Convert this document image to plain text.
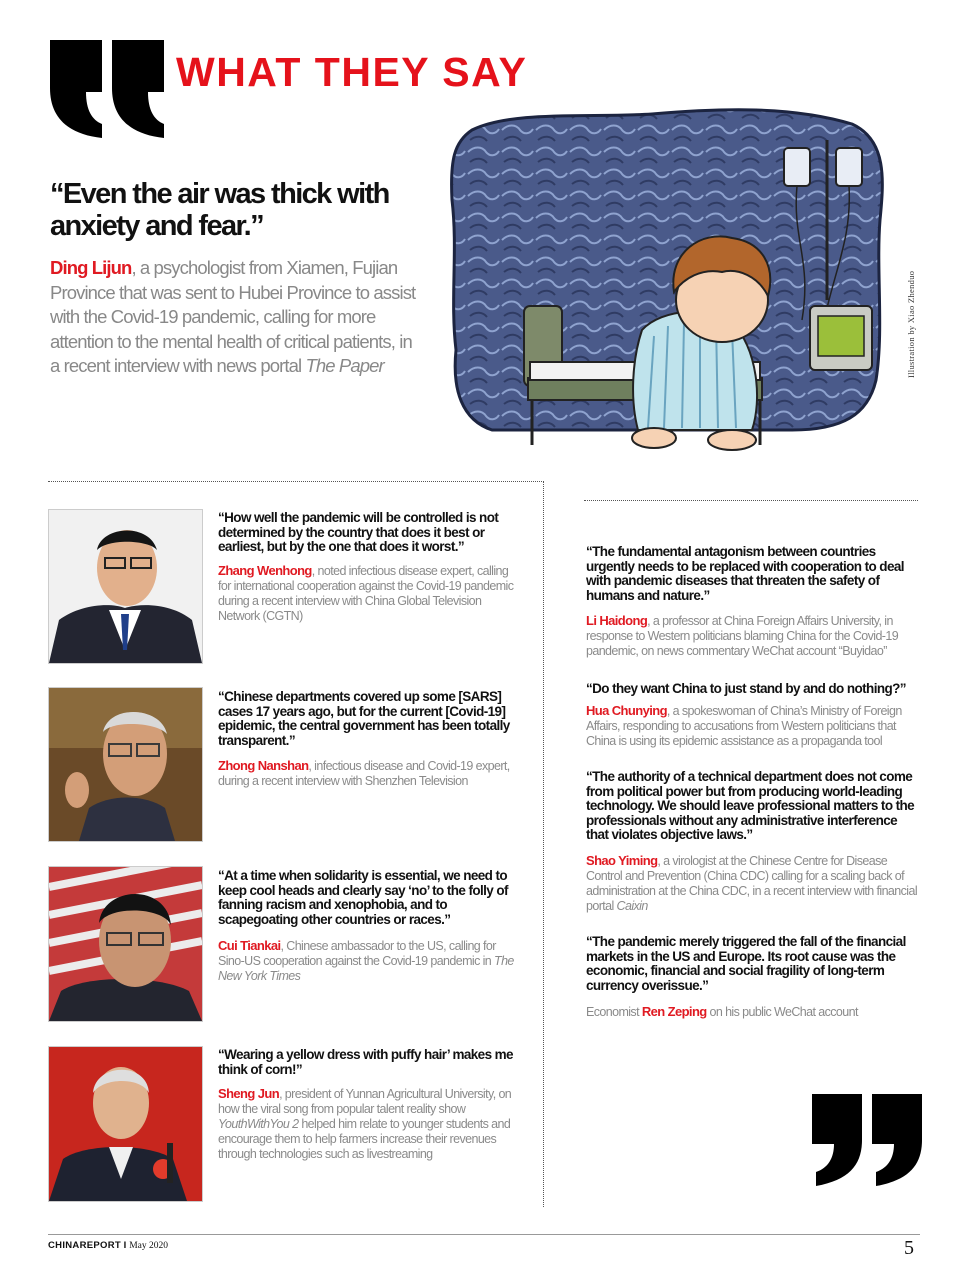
WHAT THEY SAY
“Even the air was thick with anxiety and fear.”
Ding Lijun, a psychologist from Xiamen, Fujian Province that was sent to Hubei Province to assist with the Covid-19 pandemic, calling for more attention to the mental health of critical patients, in a recent interview with news portal The Paper	Illustration by Xiao Zhenduo
“How well the pandemic will be controlled is not determined by the country that does it best or earliest, but by the one that does it worst.”
Zhang Wenhong, noted infectious disease expert, calling for international cooperation against the Covid-19 pandemic during a recent interview with China Global Television Network (CGTN)
“Chinese departments covered up some [SARS] cases 17 years ago, but for the current [Covid-19] epidemic, the central government has been totally transparent.”
Zhong Nanshan, infectious disease and Covid-19 expert, during a recent interview with Shenzhen Television
“At a time when solidarity is essential, we need to keep cool heads and clearly say ‘no’ to the folly of fanning racism and xenophobia, and to scapegoating other countries or races.”
Cui Tiankai, Chinese ambassador to the US, calling for Sino-US cooperation against the Covid-19 pandemic in The New York Times
“Wearing a yellow dress with puffy hair’ makes me think of corn!”
Sheng Jun, president of Yunnan Agricultural University, on how the viral song from popular talent reality show YouthWithYou 2 helped him relate to younger students and encourage them to help farmers increase their revenues through technologies such as livestreaming
“The fundamental antagonism between countries urgently needs to be replaced with cooperation to deal with pandemic diseases that threaten the safety of humans and nature.”
Li Haidong, a professor at China Foreign Affairs University, in response to Western politicians blaming China for the Covid-19 pandemic, on news commentary WeChat account “Buyidao”
“Do they want China to just stand by and do nothing?”
Hua Chunying, a spokeswoman of China’s Ministry of Foreign Affairs, responding to accusations from Western politicians that China is using its epidemic assistance as a propaganda tool
“The authority of a technical department does not come from political power but from producing world-leading technology. We should leave professional matters to the professionals without any administrative interference that violates objective laws.”
Shao Yiming, a virologist at the Chinese Centre for Disease Control and Prevention (China CDC) calling for a scaling back of administration at the China CDC, in a recent interview with financial portal Caixin
“The pandemic merely triggered the fall of the financial markets in the US and Europe. Its root cause was the economic, financial and social fragility of long-term currency overissue.”
Economist Ren Zeping on his public WeChat account
CHINAREPORT I May 2020	5
